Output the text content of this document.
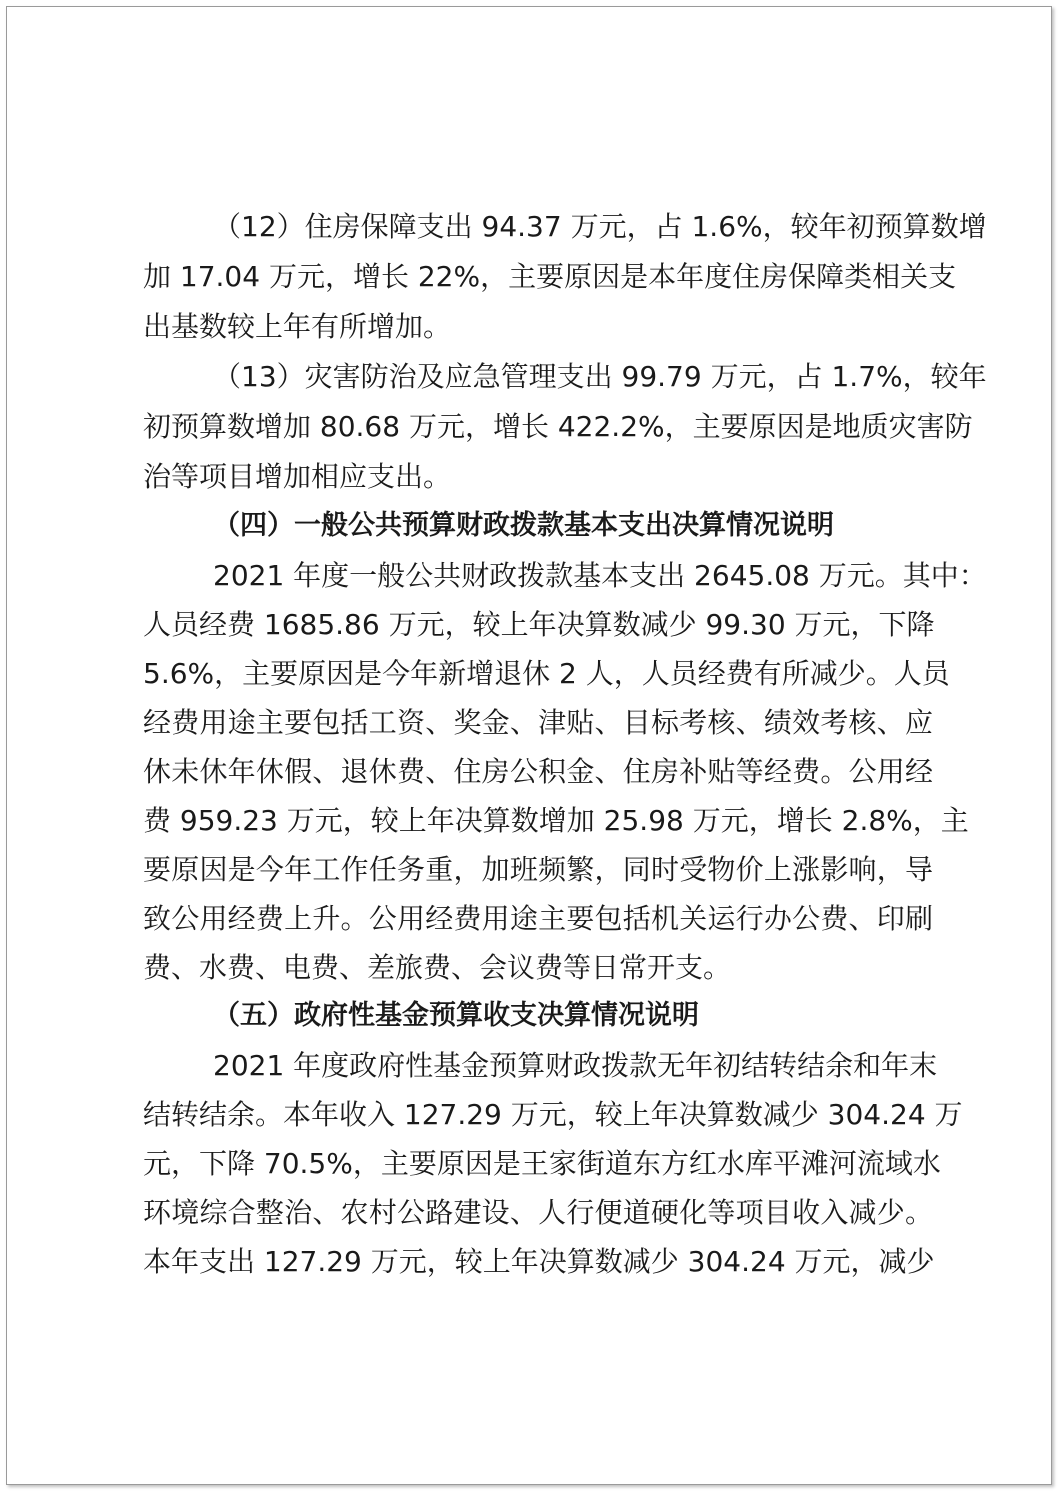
（12）住房保障支出 94.37 万元，占 1.6%，较年初预算数增
加 17.04 万元，增长 22%，主要原因是本年度住房保障类相关支
出基数较上年有所增加。
（13）灾害防治及应急管理支出 99.79 万元，占 1.7%，较年
初预算数增加 80.68 万元，增长 422.2%，主要原因是地质灾害防
治等项目增加相应支出。
（四）一般公共预算财政拨款基本支出决算情况说明
2021 年度一般公共财政拨款基本支出 2645.08 万元。其中：
人员经费 1685.86 万元，较上年决算数减少 99.30 万元，下降
5.6%，主要原因是今年新增退休 2 人，人员经费有所减少。人员
经费用途主要包括工资、奖金、津贴、目标考核、绩效考核、应
休未休年休假、退休费、住房公积金、住房补贴等经费。公用经
费 959.23 万元，较上年决算数增加 25.98 万元，增长 2.8%，主
要原因是今年工作任务重，加班频繁，同时受物价上涨影响，导
致公用经费上升。公用经费用途主要包括机关运行办公费、印刷
费、水费、电费、差旅费、会议费等日常开支。
（五）政府性基金预算收支决算情况说明
2021 年度政府性基金预算财政拨款无年初结转结余和年末
结转结余。本年收入 127.29 万元，较上年决算数减少 304.24 万
元，下降 70.5%，主要原因是王家街道东方红水库平滩河流域水
环境综合整治、农村公路建设、人行便道硬化等项目收入减少。
本年支出 127.29 万元，较上年决算数减少 304.24 万元，减少
